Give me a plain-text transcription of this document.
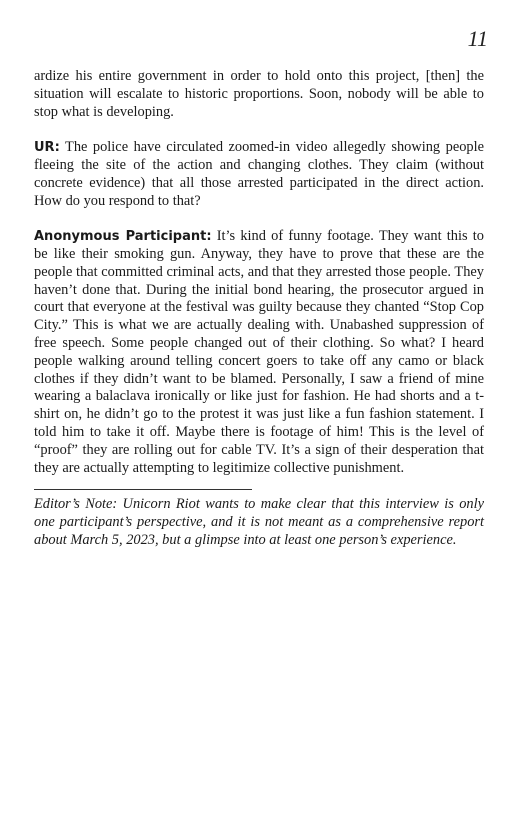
11

ardize his entire government in order to hold onto this project, [then] the situation will escalate to historic proportions. Soon, nobody will be able to stop what is developing.

UR: The police have circulated zoomed-in video allegedly showing people fleeing the site of the action and changing clothes. They claim (without concrete evidence) that all those arrested participated in the direct action. How do you respond to that?

Anonymous Participant: It’s kind of funny footage. They want this to be like their smoking gun. Anyway, they have to prove that these are the people that committed criminal acts, and that they arrested those people. They haven’t done that. During the initial bond hearing, the prosecutor argued in court that everyone at the festival was guilty because they chanted “Stop Cop City.” This is what we are actually dealing with. Unabashed suppression of free speech. Some people changed out of their clothing. So what? I heard people walking around telling concert goers to take off any camo or black clothes if they didn’t want to be blamed. Personally, I saw a friend of mine wearing a balaclava ironically or like just for fashion. He had shorts and a t-shirt on, he didn’t go to the protest it was just like a fun fashion statement. I told him to take it off. Maybe there is footage of him! This is the level of “proof” they are rolling out for cable TV. It’s a sign of their desperation that they are actually attempting to legitimize collective punishment.

Editor’s Note: Unicorn Riot wants to make clear that this interview is only one participant’s perspective, and it is not meant as a comprehensive report about March 5, 2023, but a glimpse into at least one person’s experience.
